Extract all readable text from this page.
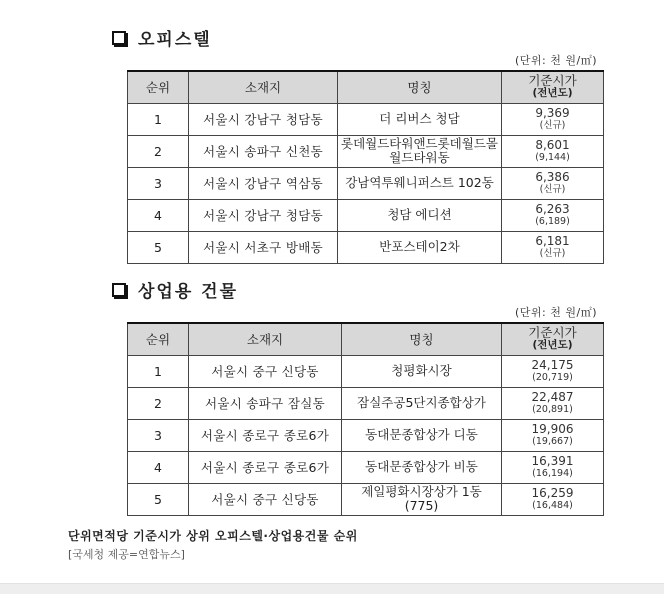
오피스텔
(단위: 천 원/㎡)
순위	소재지	명칭	기준시가
(전년도)

1	서울시 강남구 청담동	더 리버스 청담	9,369
(신규)

2	서울시 송파구 신천동	롯데월드타워앤드롯데월드몰 월드타워동	8,601
(9,144)

3	서울시 강남구 역삼동	강남역투웨니퍼스트 102동	6,386
(신규)

4	서울시 강남구 청담동	청담 에디션	6,263
(6,189)

5	서울시 서초구 방배동	반포스테이2차	6,181
(신규)
상업용 건물
(단위: 천 원/㎡)
순위	소재지	명칭	기준시가
(전년도)

1	서울시 중구 신당동	청평화시장	24,175
(20,719)

2	서울시 송파구 잠실동	잠실주공5단지종합상가	22,487
(20,891)

3	서울시 종로구 종로6가	동대문종합상가 디동	19,906
(19,667)

4	서울시 종로구 종로6가	동대문종합상가 비동	16,391
(16,194)

5	서울시 중구 신당동	제일평화시장상가 1동 (775)	16,259
(16,484)
단위면적당 기준시가 상위 오피스텔·상업용건물 순위
[국세청 제공=연합뉴스]
